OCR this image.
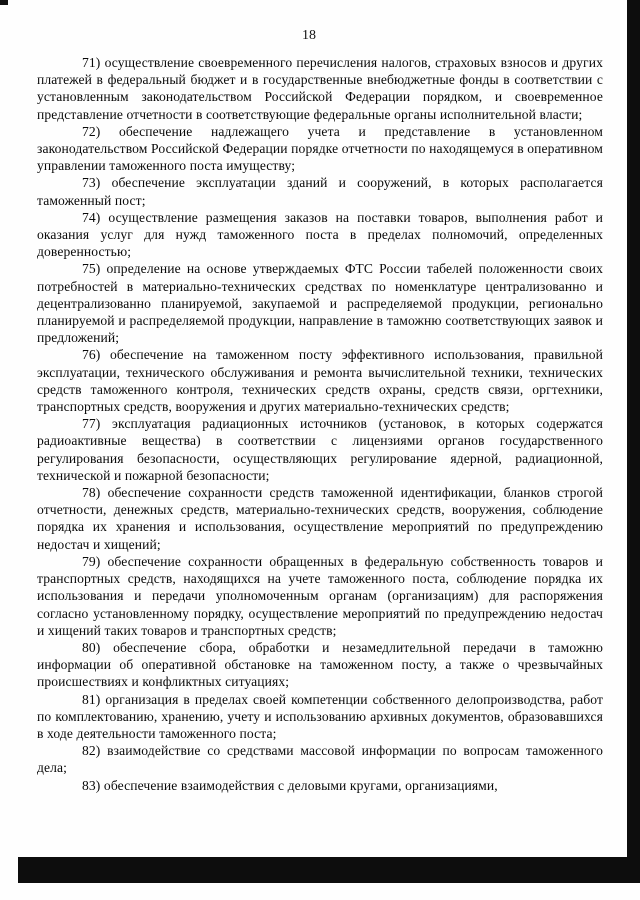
18

71) осуществление своевременного перечисления налогов, страховых взносов и других платежей в федеральный бюджет и в государственные внебюджетные фонды в соответствии с установленным законодательством Российской Федерации порядком, и своевременное представление отчетности в соответствующие федеральные органы исполнительной власти;

72) обеспечение надлежащего учета и представление в установленном законодательством Российской Федерации порядке отчетности по находящемуся в оперативном управлении таможенного поста имуществу;

73) обеспечение эксплуатации зданий и сооружений, в которых располагается таможенный пост;

74) осуществление размещения заказов на поставки товаров, выполнения работ и оказания услуг для нужд таможенного поста в пределах полномочий, определенных доверенностью;

75) определение на основе утверждаемых ФТС России табелей положенности своих потребностей в материально-технических средствах по номенклатуре централизованно и децентрализованно планируемой, закупаемой и распределяемой продукции, регионально планируемой и распределяемой продукции, направление в таможню соответствующих заявок и предложений;

76) обеспечение на таможенном посту эффективного использования, правильной эксплуатации, технического обслуживания и ремонта вычислительной техники, технических средств таможенного контроля, технических средств охраны, средств связи, оргтехники, транспортных средств, вооружения и других материально-технических средств;

77) эксплуатация радиационных источников (установок, в которых содержатся радиоактивные вещества) в соответствии с лицензиями органов государственного регулирования безопасности, осуществляющих регулирование ядерной, радиационной, технической и пожарной безопасности;

78) обеспечение сохранности средств таможенной идентификации, бланков строгой отчетности, денежных средств, материально-технических средств, вооружения, соблюдение порядка их хранения и использования, осуществление мероприятий по предупреждению недостач и хищений;

79) обеспечение сохранности обращенных в федеральную собственность товаров и транспортных средств, находящихся на учете таможенного поста, соблюдение порядка их использования и передачи уполномоченным органам (организациям) для распоряжения согласно установленному порядку, осуществление мероприятий по предупреждению недостач и хищений таких товаров и транспортных средств;

80) обеспечение сбора, обработки и незамедлительной передачи в таможню информации об оперативной обстановке на таможенном посту, а также о чрезвычайных происшествиях и конфликтных ситуациях;

81) организация в пределах своей компетенции собственного делопроизводства, работ по комплектованию, хранению, учету и использованию архивных документов, образовавшихся в ходе деятельности таможенного поста;

82) взаимодействие со средствами массовой информации по вопросам таможенного дела;

83) обеспечение взаимодействия с деловыми кругами, организациями,
